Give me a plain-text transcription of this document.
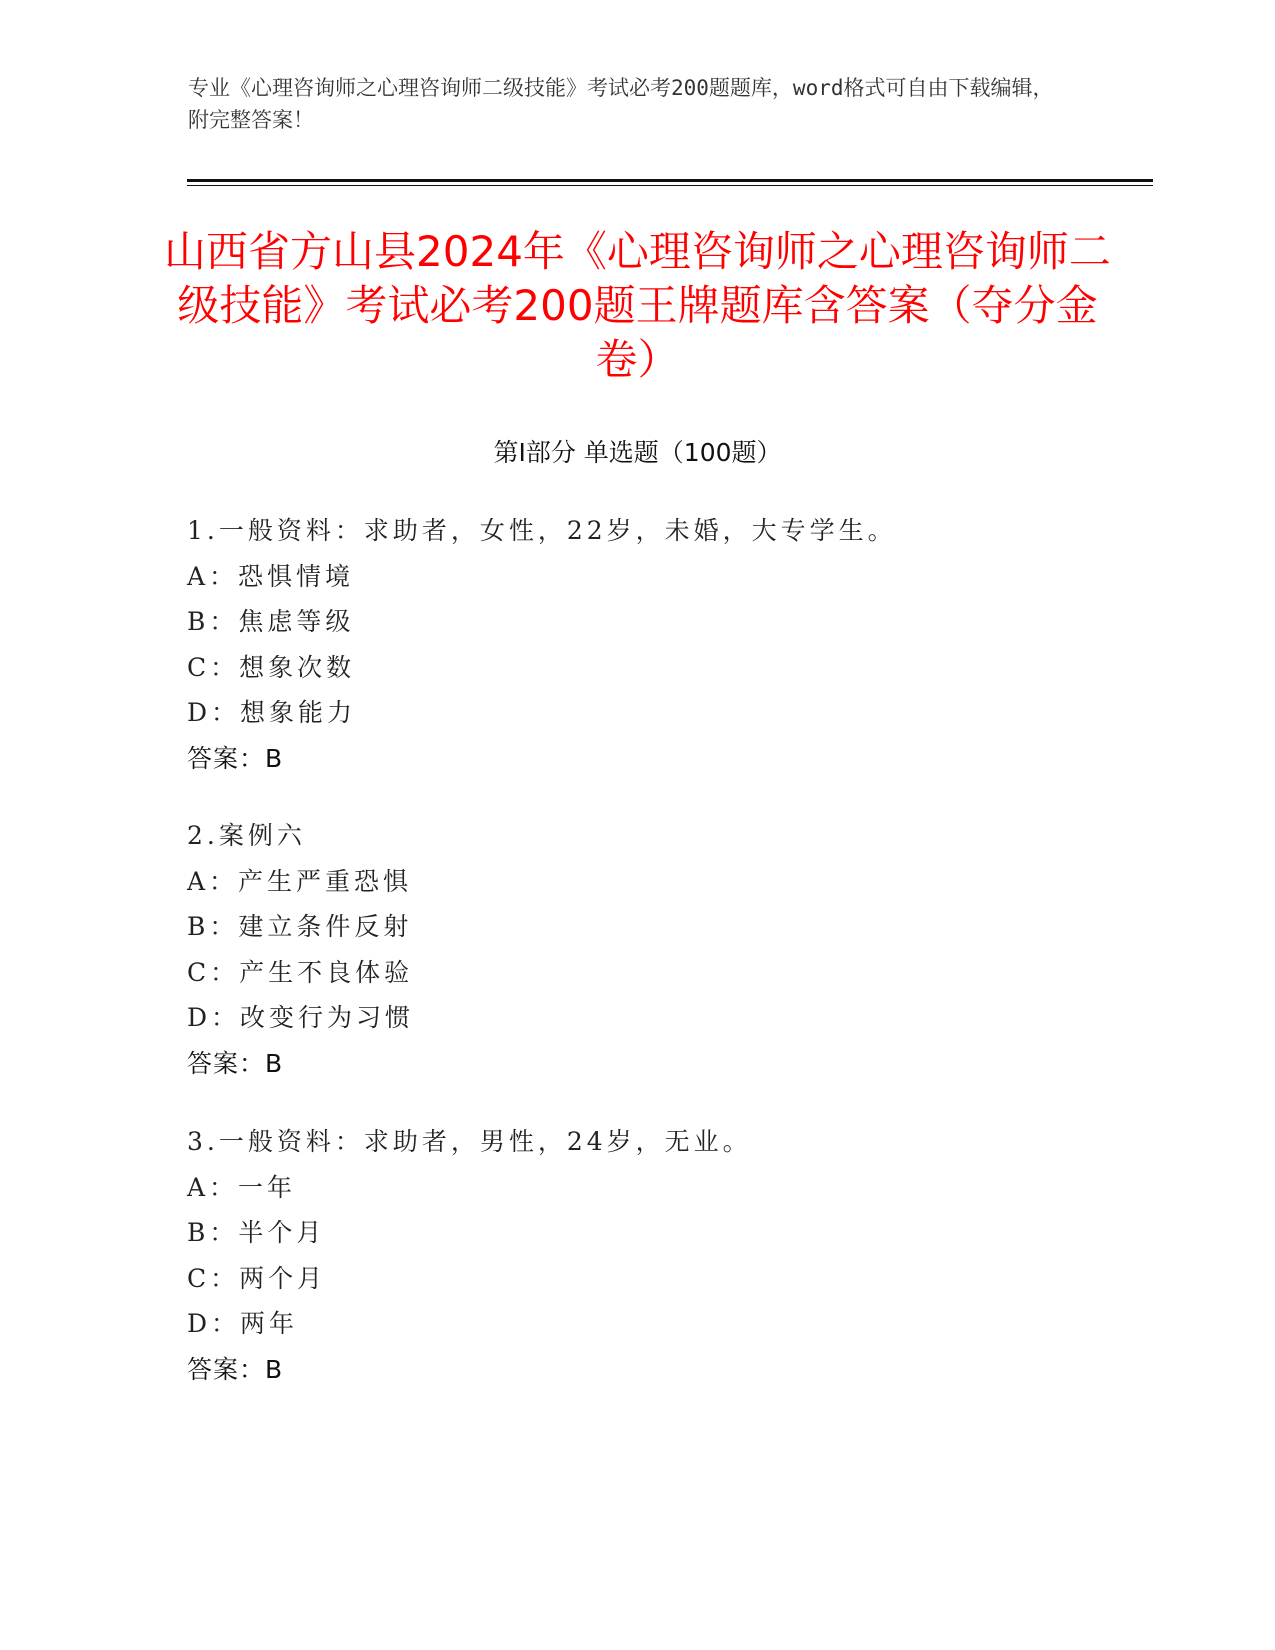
专业《心理咨询师之心理咨询师二级技能》考试必考200题题库，word格式可自由下载编辑，附完整答案！
山西省方山县2024年《心理咨询师之心理咨询师二级技能》考试必考200题王牌题库含答案（夺分金卷）
第Ⅰ部分 单选题（100题）
1.一般资料：求助者，女性，22岁，未婚，大专学生。
A：恐惧情境
B：焦虑等级
C：想象次数
D：想象能力
答案：B
2.案例六
A：产生严重恐惧
B：建立条件反射
C：产生不良体验
D：改变行为习惯
答案：B
3.一般资料：求助者，男性，24岁，无业。
A：一年
B：半个月
C：两个月
D：两年
答案：B
